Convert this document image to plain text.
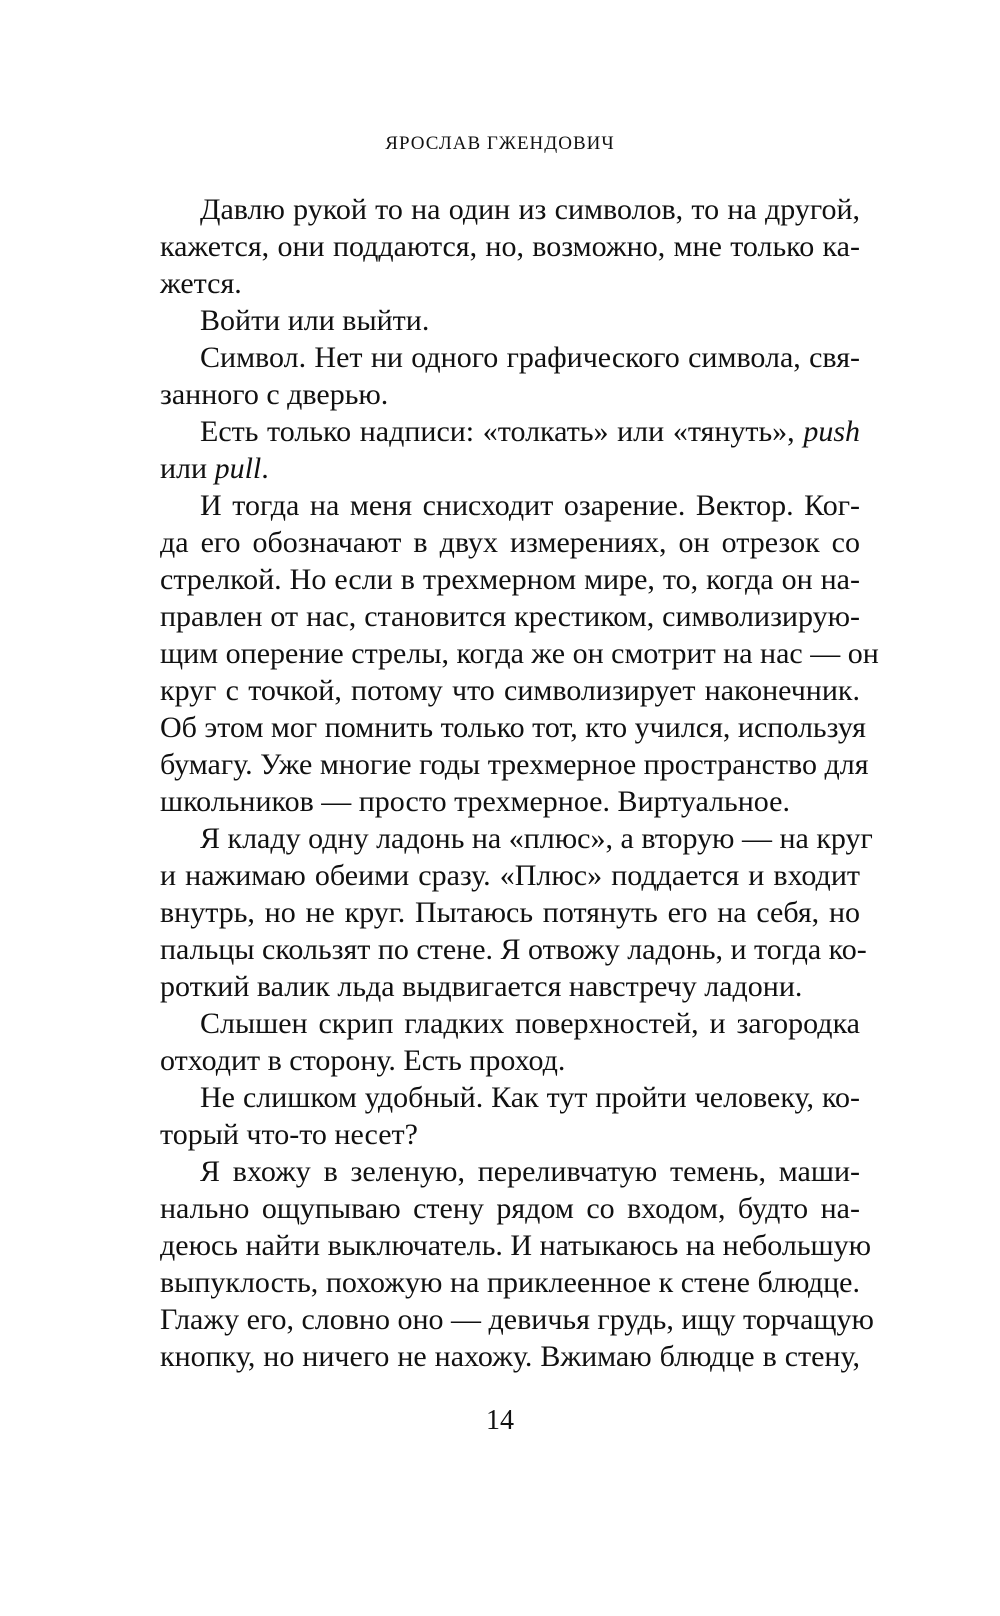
ЯРОСЛАВ ГЖЕНДОВИЧ
Давлю рукой то на один из символов, то на другой,
кажется, они поддаются, но, возможно, мне только ка-
жется.
Войти или выйти.
Символ. Нет ни одного графического символа, свя-
занного с дверью.
Есть только надписи: «толкать» или «тянуть», push
или pull.
И тогда на меня снисходит озарение. Вектор. Ког-
да его обозначают в двух измерениях, он отрезок со
стрелкой. Но если в трехмерном мире, то, когда он на-
правлен от нас, становится крестиком, символизирую-
щим оперение стрелы, когда же он смотрит на нас — он
круг с точкой, потому что символизирует наконечник.
Об этом мог помнить только тот, кто учился, используя
бумагу. Уже многие годы трехмерное пространство для
школьников — просто трехмерное. Виртуальное.
Я кладу одну ладонь на «плюс», а вторую — на круг
и нажимаю обеими сразу. «Плюс» поддается и входит
внутрь, но не круг. Пытаюсь потянуть его на себя, но
пальцы скользят по стене. Я отвожу ладонь, и тогда ко-
роткий валик льда выдвигается навстречу ладони.
Слышен скрип гладких поверхностей, и загородка
отходит в сторону. Есть проход.
Не слишком удобный. Как тут пройти человеку, ко-
торый что-то несет?
Я вхожу в зеленую, переливчатую темень, маши-
нально ощупываю стену рядом со входом, будто на-
деюсь найти выключатель. И натыкаюсь на небольшую
выпуклость, похожую на приклеенное к стене блюдце.
Глажу его, словно оно — девичья грудь, ищу торчащую
кнопку, но ничего не нахожу. Вжимаю блюдце в стену,
14
